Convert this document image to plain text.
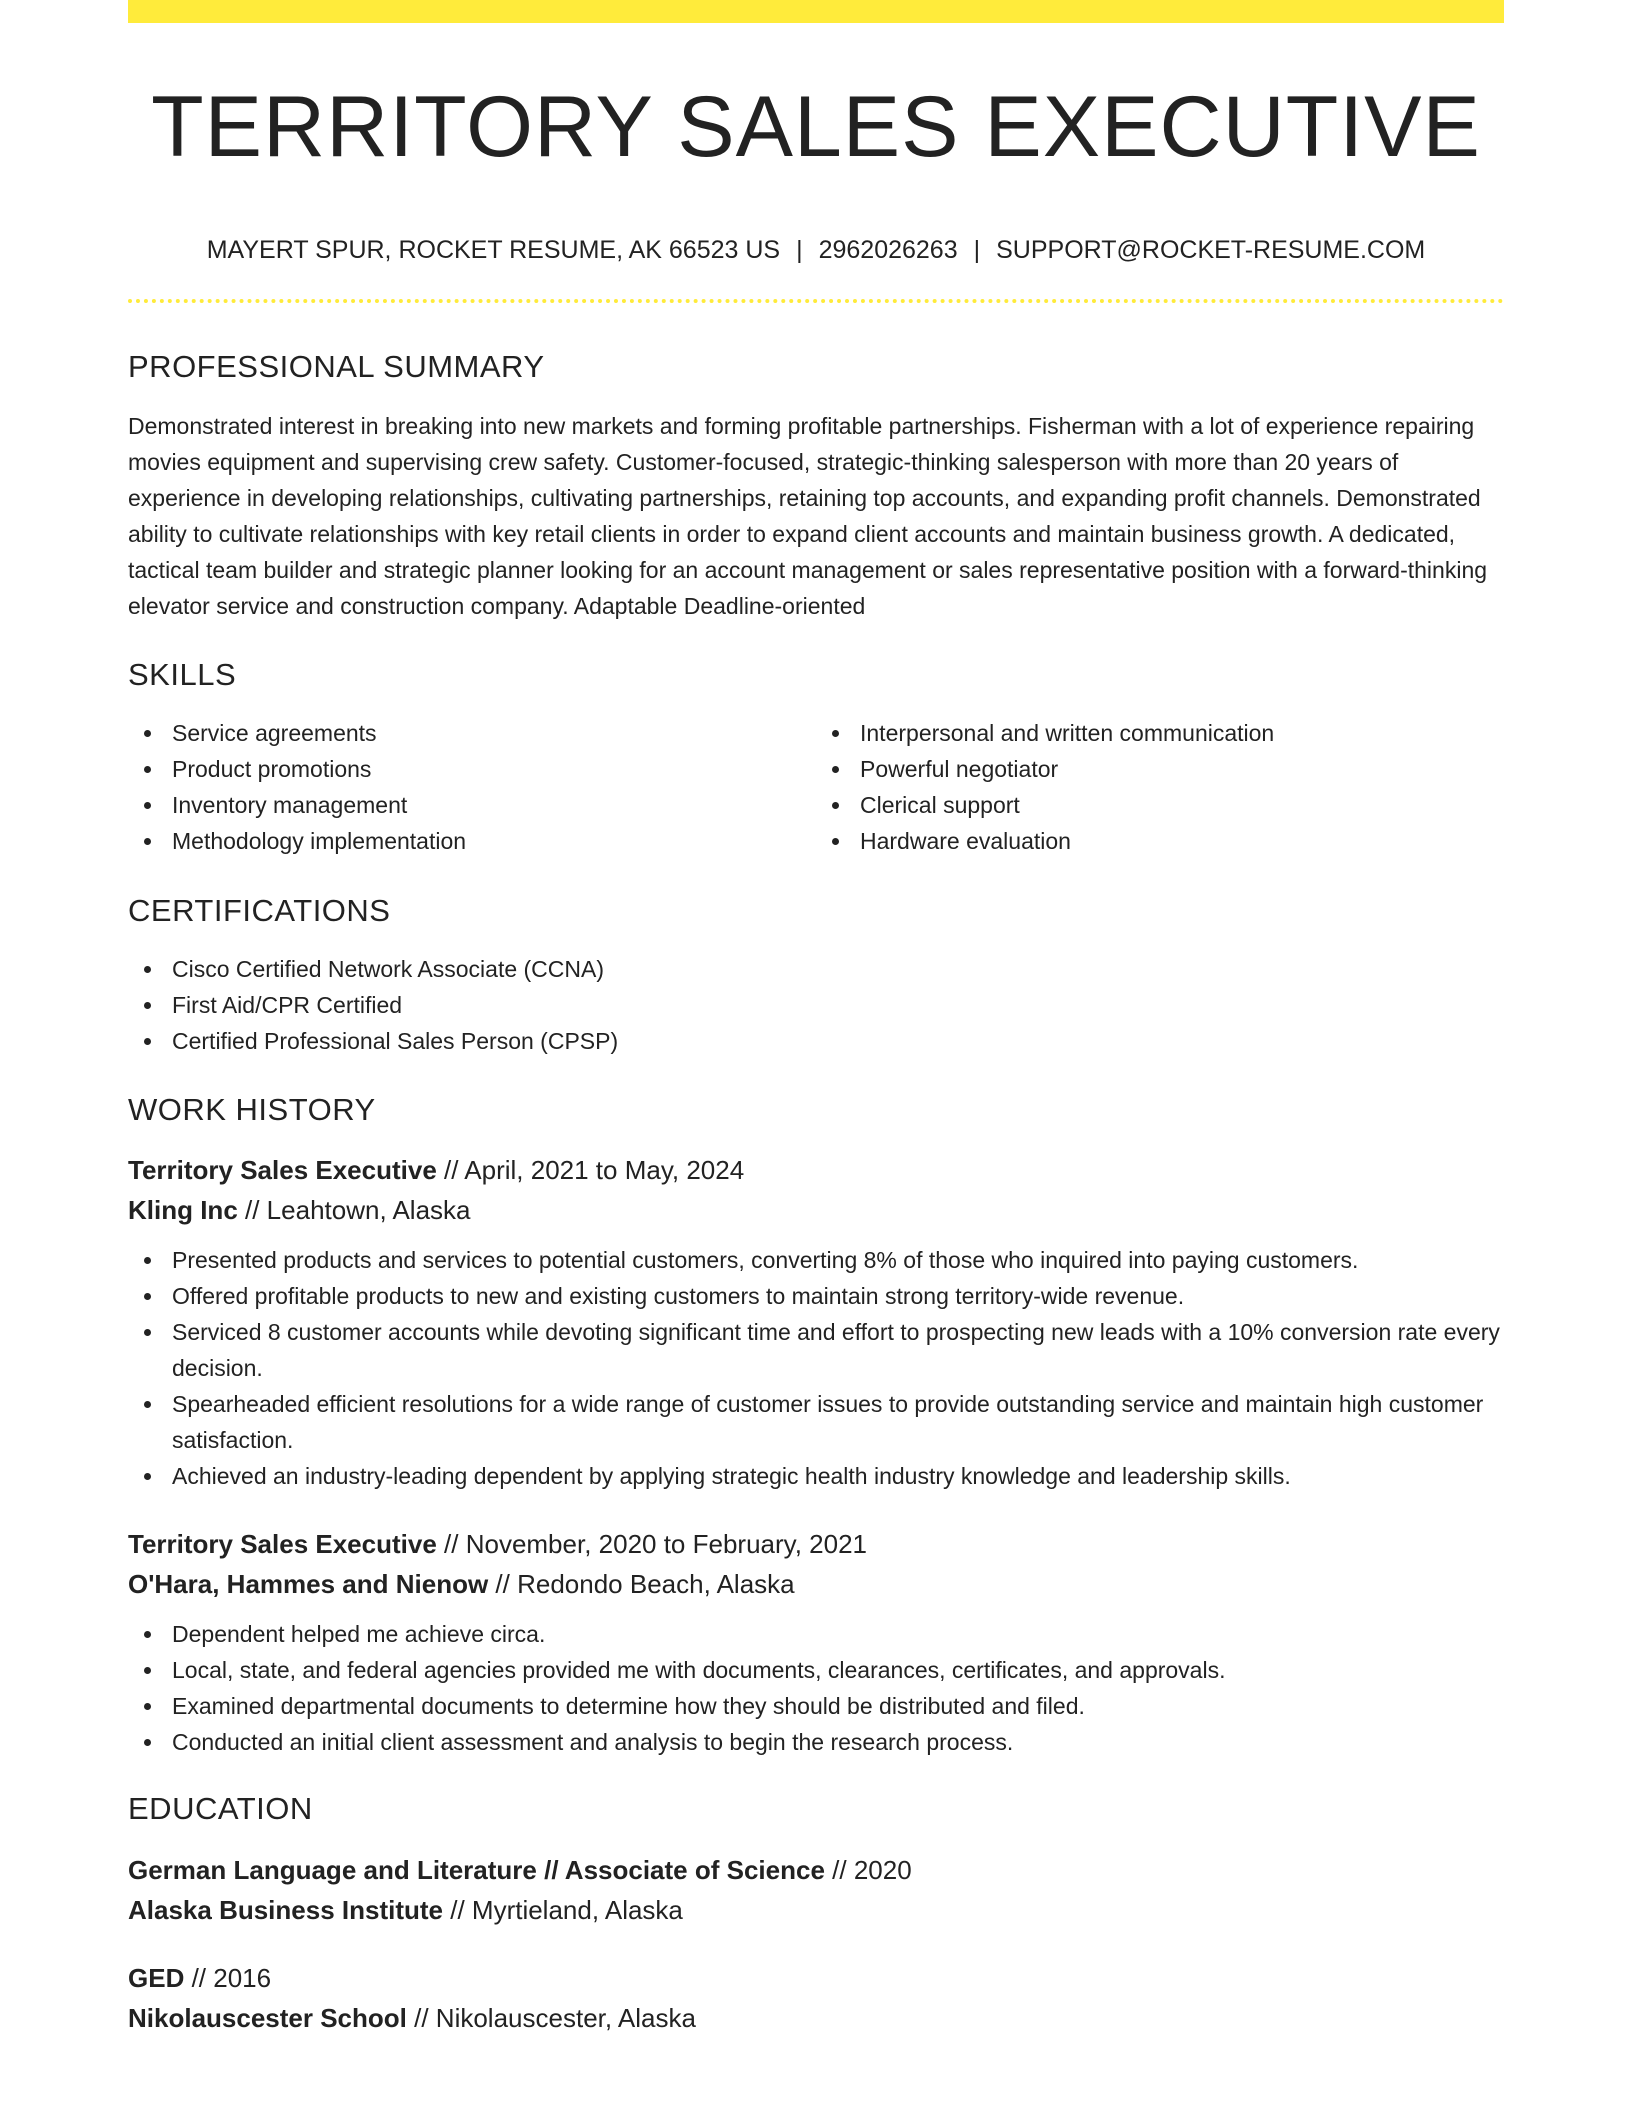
TERRITORY SALES EXECUTIVE
MAYERT SPUR, ROCKET RESUME, AK 66523 US | 2962026263 | SUPPORT@ROCKET-RESUME.COM
PROFESSIONAL SUMMARY

Demonstrated interest in breaking into new markets and forming profitable partnerships. Fisherman with a lot of experience repairing movies equipment and supervising crew safety. Customer-focused, strategic-thinking salesperson with more than 20 years of experience in developing relationships, cultivating partnerships, retaining top accounts, and expanding profit channels. Demonstrated ability to cultivate relationships with key retail clients in order to expand client accounts and maintain business growth. A dedicated, tactical team builder and strategic planner looking for an account management or sales representative position with a forward-thinking elevator service and construction company. Adaptable Deadline-oriented

SKILLS
Service agreements
Product promotions
Inventory management
Methodology implementation
Interpersonal and written communication
Powerful negotiator
Clerical support
Hardware evaluation
CERTIFICATIONS
Cisco Certified Network Associate (CCNA)
First Aid/CPR Certified
Certified Professional Sales Person (CPSP)
WORK HISTORY
Territory Sales Executive // April, 2021 to May, 2024
Kling Inc // Leahtown, Alaska
Presented products and services to potential customers, converting 8% of those who inquired into paying customers.
Offered profitable products to new and existing customers to maintain strong territory-wide revenue.
Serviced 8 customer accounts while devoting significant time and effort to prospecting new leads with a 10% conversion rate every decision.
Spearheaded efficient resolutions for a wide range of customer issues to provide outstanding service and maintain high customer satisfaction.
Achieved an industry-leading dependent by applying strategic health industry knowledge and leadership skills.
Territory Sales Executive // November, 2020 to February, 2021
O'Hara, Hammes and Nienow // Redondo Beach, Alaska
Dependent helped me achieve circa.
Local, state, and federal agencies provided me with documents, clearances, certificates, and approvals.
Examined departmental documents to determine how they should be distributed and filed.
Conducted an initial client assessment and analysis to begin the research process.
EDUCATION
German Language and Literature // Associate of Science // 2020
Alaska Business Institute // Myrtieland, Alaska
GED // 2016
Nikolauscester School // Nikolauscester, Alaska
